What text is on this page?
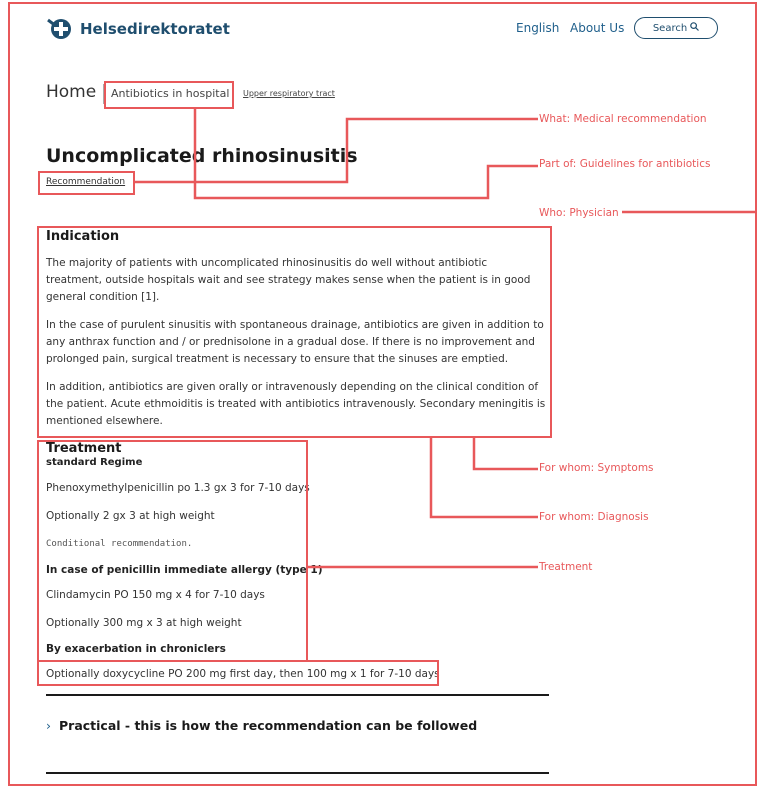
Helsedirektoratet	English About Us	Search
Home Antibiotics in hospital Upper respiratory tract
Uncomplicated rhinosinusitis
Recommendation
Indication

The majority of patients with uncomplicated rhinosinusitis do well without antibiotic treatment, outside hospitals wait and see strategy makes sense when the patient is in good general condition [1].

In the case of purulent sinusitis with spontaneous drainage, antibiotics are given in addition to any anthrax function and / or prednisolone in a gradual dose. If there is no improvement and prolonged pain, surgical treatment is necessary to ensure that the sinuses are emptied.

In addition, antibiotics are given orally or intravenously depending on the clinical condition of the patient. Acute ethmoiditis is treated with antibiotics intravenously. Secondary meningitis is mentioned elsewhere.

Treatment
standard Regime
Phenoxymethylpenicillin po 1.3 gx 3 for 7-10 days
Optionally 2 gx 3 at high weight
Conditional recommendation.
In case of penicillin immediate allergy (type 1)
Clindamycin PO 150 mg x 4 for 7-10 days
Optionally 300 mg x 3 at high weight
By exacerbation in chroniclers
Optionally doxycycline PO 200 mg first day, then 100 mg x 1 for 7-10 days
› Practical - this is how the recommendation can be followed
What: Medical recommendation
Part of: Guidelines for antibiotics
Who: Physician
For whom: Symptoms
For whom: Diagnosis
Treatment
